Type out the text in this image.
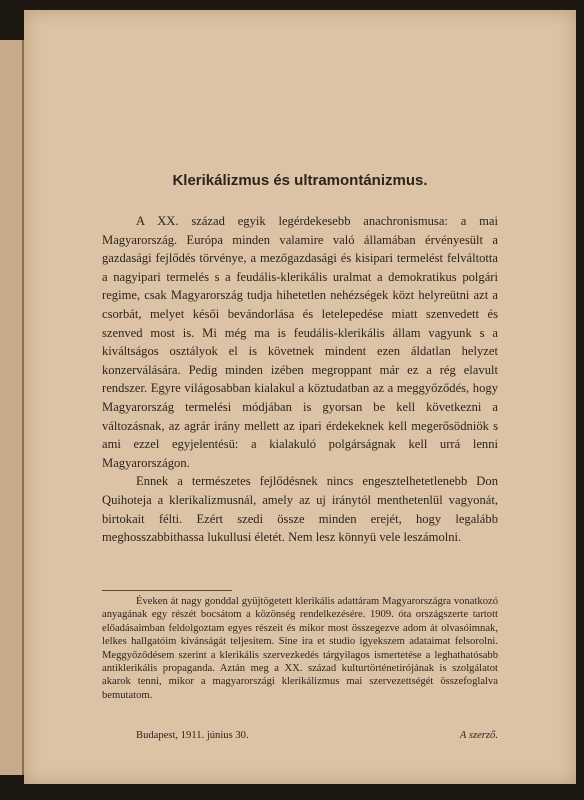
Klerikálizmus és ultramontánizmus.

A XX. század egyik legérdekesebb anachronismusa: a mai Magyarország. Európa minden valamire való államában érvényesült a gazdasági fejlődés törvénye, a mezőgazdasági és kisipari termelést felváltotta a nagyipari termelés s a feudális-klerikális uralmat a demokratikus polgári regime, csak Magyarország tudja hihetetlen nehézségek közt helyreütni azt a csorbát, melyet késői bevándorlása és letelepedése miatt szenvedett és szenved most is. Mi még ma is feudális-klerikális állam vagyunk s a kiváltságos osztályok el is követnek mindent ezen áldatlan helyzet konzerválására. Pedig minden izében megroppant már ez a rég elavult rendszer. Egyre világosabban kialakul a köztudatban az a meggyőződés, hogy Magyarország termelési módjában is gyorsan be kell következni a változásnak, az agrár irány mellett az ipari érdekeknek kell megerősödniök s ami ezzel egyjelentésü: a kialakuló polgárságnak kell urrá lenni Magyarországon.

Ennek a természetes fejlődésnek nincs engesztelhetetlenebb Don Quihoteja a klerikalizmusnál, amely az uj iránytól menthetenlül vagyonát, birtokait félti. Ezért szedi össze minden erejét, hogy legalább meghosszabbithassa lukullusi életét. Nem lesz könnyü vele leszámolni.

Éveken át nagy gonddal gyüjtögetett klerikális adattáram Magyarországra vonatkozó anyagának egy részét bocsátom a közönség rendelkezésére. 1909. óta országszerte tartott előadásaimban feldolgoztam egyes részeit és mikor most összegezve adom át olvasóimnak, lelkes hallgatóim kívánságát teljesítem. Sine ira et studio igyekszem adataimat felsorolni. Meggyőződésem szerint a klerikális szervezkedés tárgyilagos ismertetése a leghathatósabb antiklerikális propaganda. Aztán meg a XX. század kulturtörténetirójának is szolgálatot akarok tenni, mikor a magyarországi klerikálizmus mai szervezettségét összefoglalva bemutatom.

Budapest, 1911. június 30.	A szerző.
